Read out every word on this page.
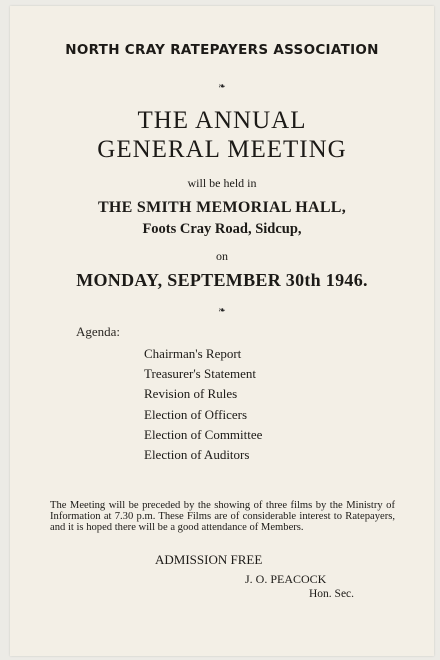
NORTH CRAY RATEPAYERS ASSOCIATION
❧
THE ANNUAL
GENERAL MEETING
will be held in
THE SMITH MEMORIAL HALL,
Foots Cray Road, Sidcup,
on
MONDAY, SEPTEMBER 30th 1946.
❧
Agenda:
Chairman's Report
Treasurer's Statement
Revision of Rules
Election of Officers
Election of Committee
Election of Auditors
The Meeting will be preceded by the showing of three films by the Ministry of Information at 7.30 p.m. These Films are of considerable interest to Ratepayers, and it is hoped there will be a good attendance of Members.
ADMISSION FREE
J. O. PEACOCK
Hon. Sec.
